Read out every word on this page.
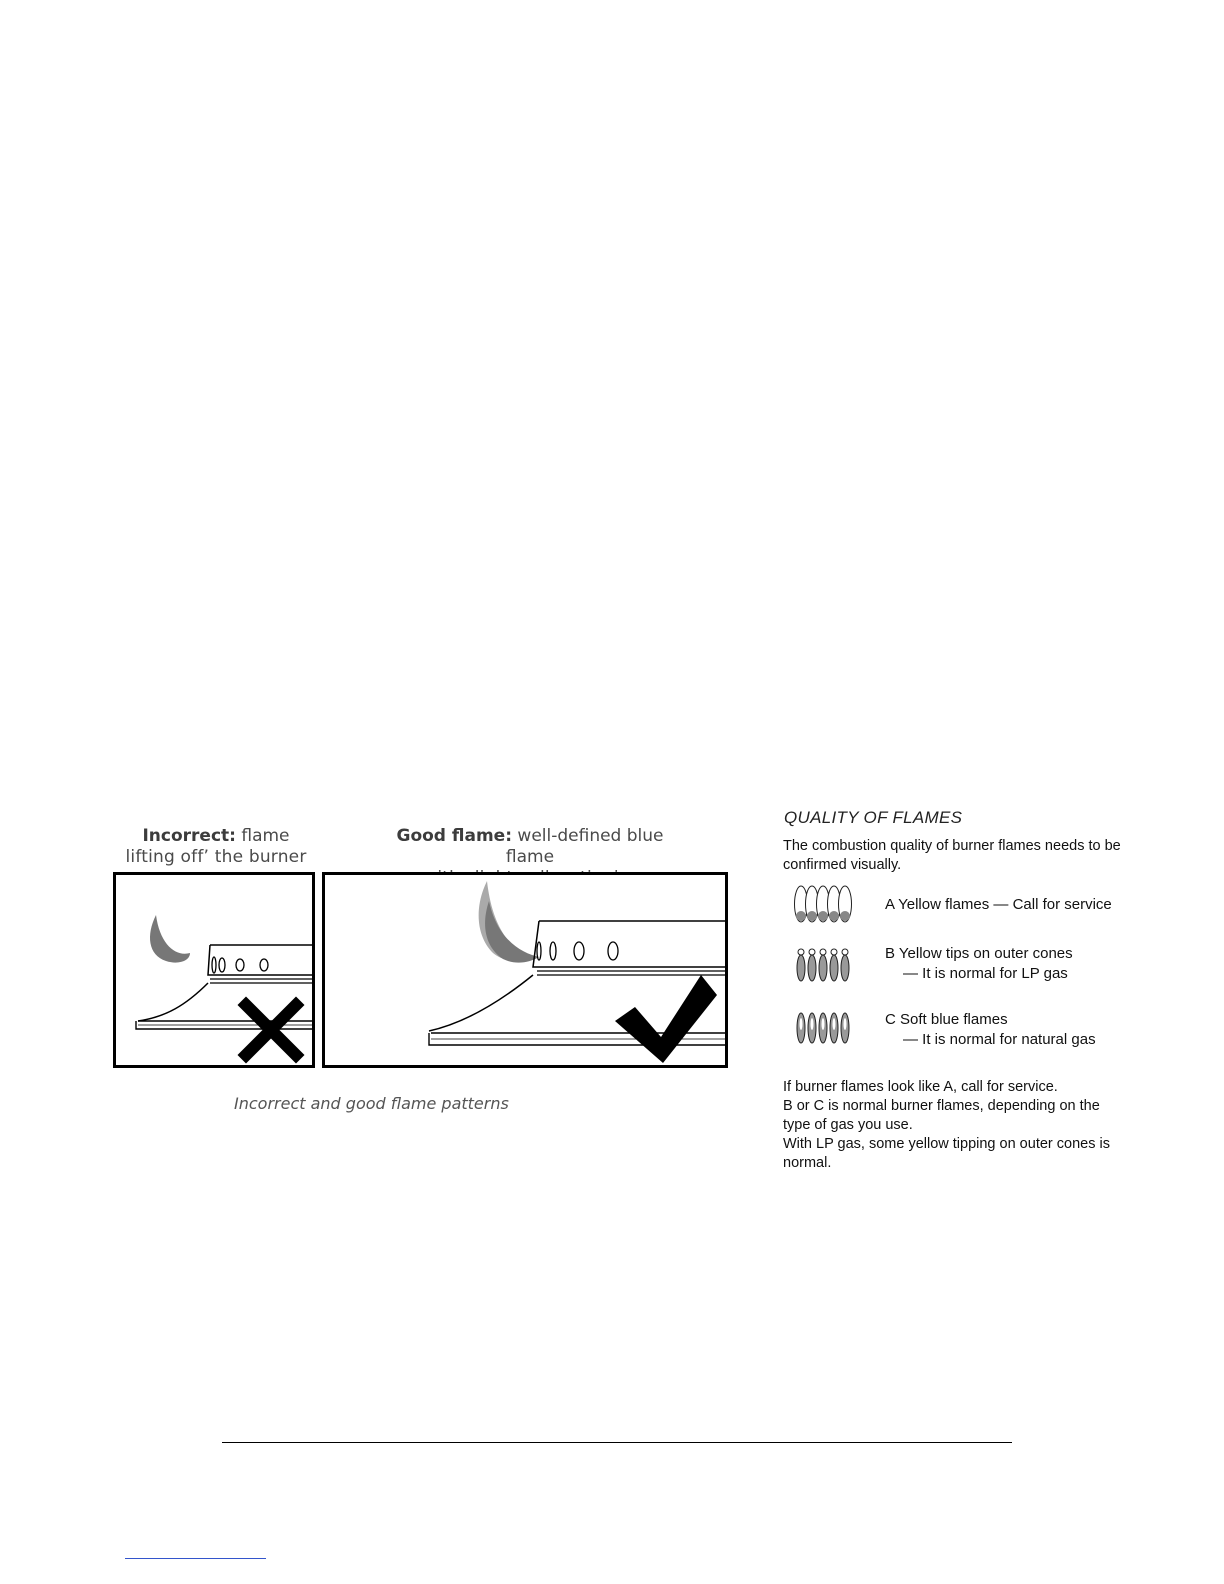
Incorrect: flame
lifting off’ the burner
Good flame: well-defined blue flame
Incorrect and good flame patterns
QUALITY OF FLAMES
The combustion quality of burner flames needs to be
confirmed visually.
A Yellow flames — Call for service
B Yellow tips on outer cones
— It is normal for LP gas
C Soft blue flames
— It is normal for natural gas
If burner flames look like A, call for service.
B or C is normal burner flames, depending on the
type of gas you use.
With LP gas, some yellow tipping on outer cones is
normal.
